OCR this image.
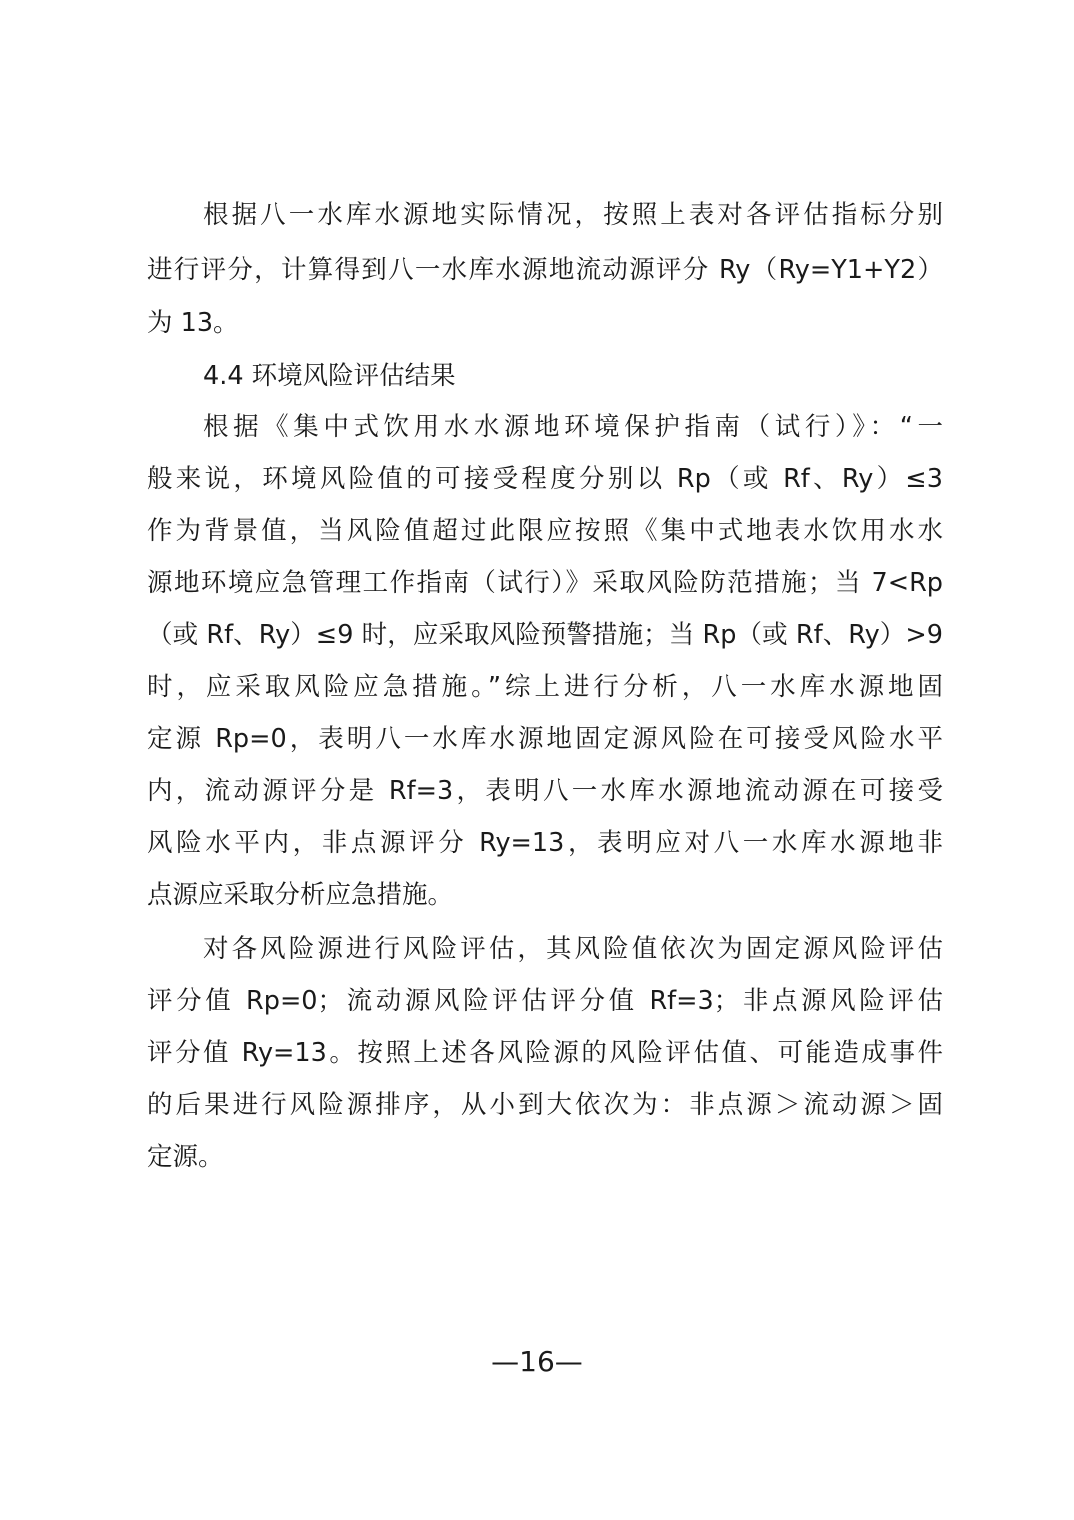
根据八一水库水源地实际情况，按照上表对各评估指标分别

进行评分，计算得到八一水库水源地流动源评分 Ry（Ry=Y1+Y2）

为 13。

4.4 环境风险评估结果

根据《集中式饮用水水源地环境保护指南（试行）》：“一

般来说，环境风险值的可接受程度分别以 Rp（或 Rf、Ry）≤3

作为背景值，当风险值超过此限应按照《集中式地表水饮用水水

源地环境应急管理工作指南（试行）》采取风险防范措施；当 7<Rp

（或 Rf、Ry）≤9 时，应采取风险预警措施；当 Rp（或 Rf、Ry）>9

时，应采取风险应急措施。”综上进行分析，八一水库水源地固

定源 Rp=0，表明八一水库水源地固定源风险在可接受风险水平

内，流动源评分是 Rf=3，表明八一水库水源地流动源在可接受

风险水平内，非点源评分 Ry=13，表明应对八一水库水源地非

点源应采取分析应急措施。

对各风险源进行风险评估，其风险值依次为固定源风险评估

评分值 Rp=0；流动源风险评估评分值 Rf=3；非点源风险评估

评分值 Ry=13。按照上述各风险源的风险评估值、可能造成事件

的后果进行风险源排序，从小到大依次为：非点源＞流动源＞固

定源。

—16—
